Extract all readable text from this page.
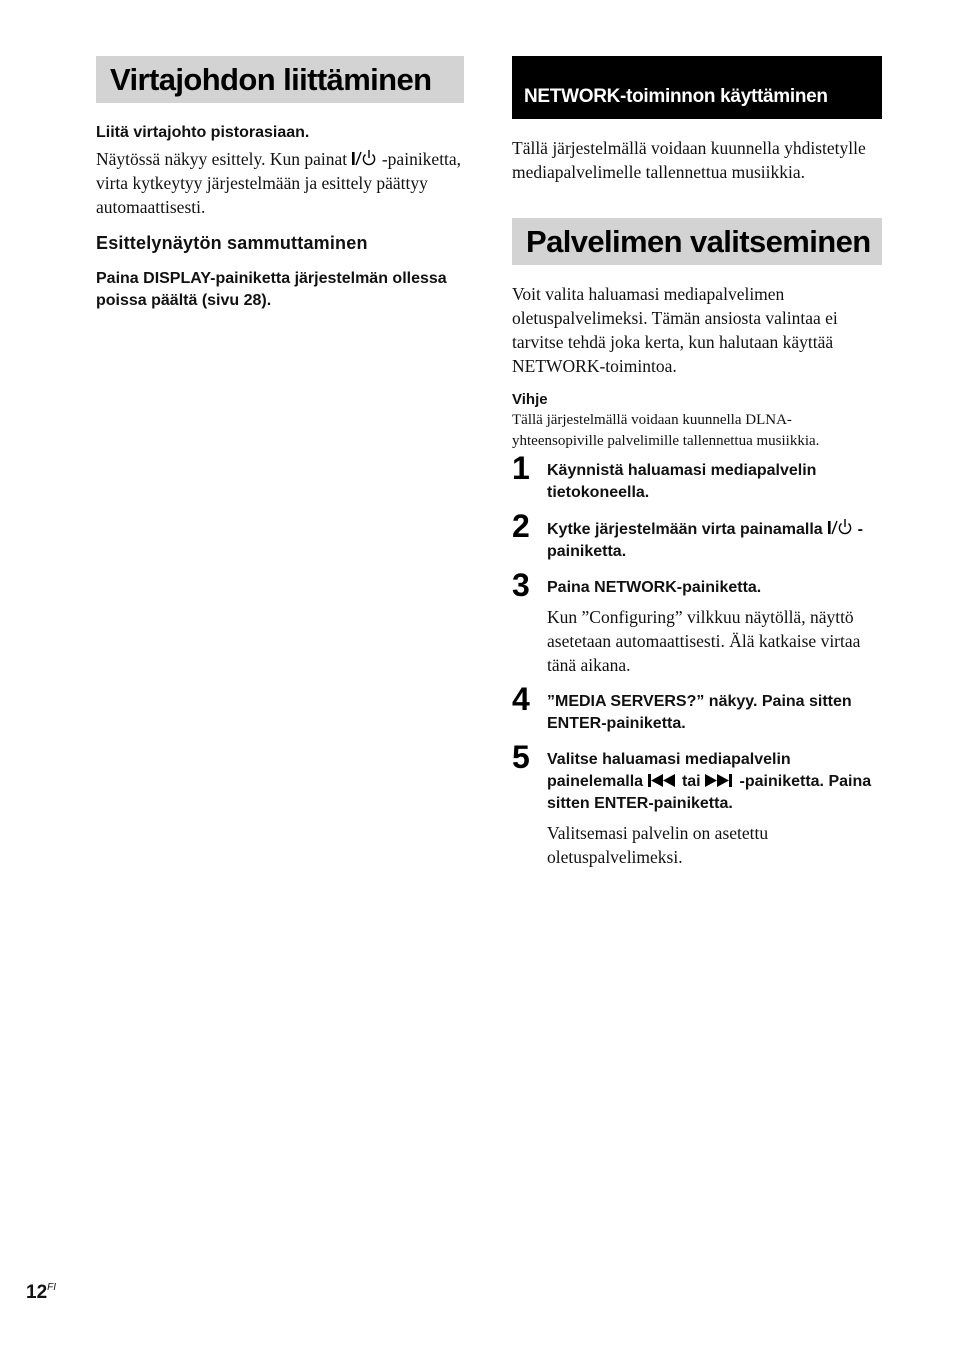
Virtajohdon liittäminen

Liitä virtajohto pistorasiaan.

Näytössä näkyy esittely. Kun painat -painiketta, virta kytkeytyy järjestelmään ja esittely päättyy automaattisesti.

Esittelynäytön sammuttaminen

Paina DISPLAY-painiketta järjestelmän ollessa poissa päältä (sivu 28).

NETWORK-toiminnon käyttäminen

Tällä järjestelmällä voidaan kuunnella yhdistetylle mediapalvelimelle tallennettua musiikkia.

Palvelimen valitseminen

Voit valita haluamasi mediapalvelimen oletuspalvelimeksi. Tämän ansiosta valintaa ei tarvitse tehdä joka kerta, kun halutaan käyttää NETWORK-toimintoa.

Vihje

Tällä järjestelmällä voidaan kuunnella DLNA-yhteensopiville palvelimille tallennettua musiikkia.

1 Käynnistä haluamasi mediapalvelin tietokoneella.
2 Kytke järjestelmään virta painamalla -painiketta.
3 Paina NETWORK-painiketta.

Kun ”Configuring” vilkkuu näytöllä, näyttö asetetaan automaattisesti. Älä katkaise virtaa tänä aikana.

4 ”MEDIA SERVERS?” näkyy. Paina sitten ENTER-painiketta.
5 Valitse haluamasi mediapalvelin painelemalla tai -painiketta. Paina sitten ENTER-painiketta.

Valitsemasi palvelin on asetettu oletuspalvelimeksi.

$12^{FI}$
